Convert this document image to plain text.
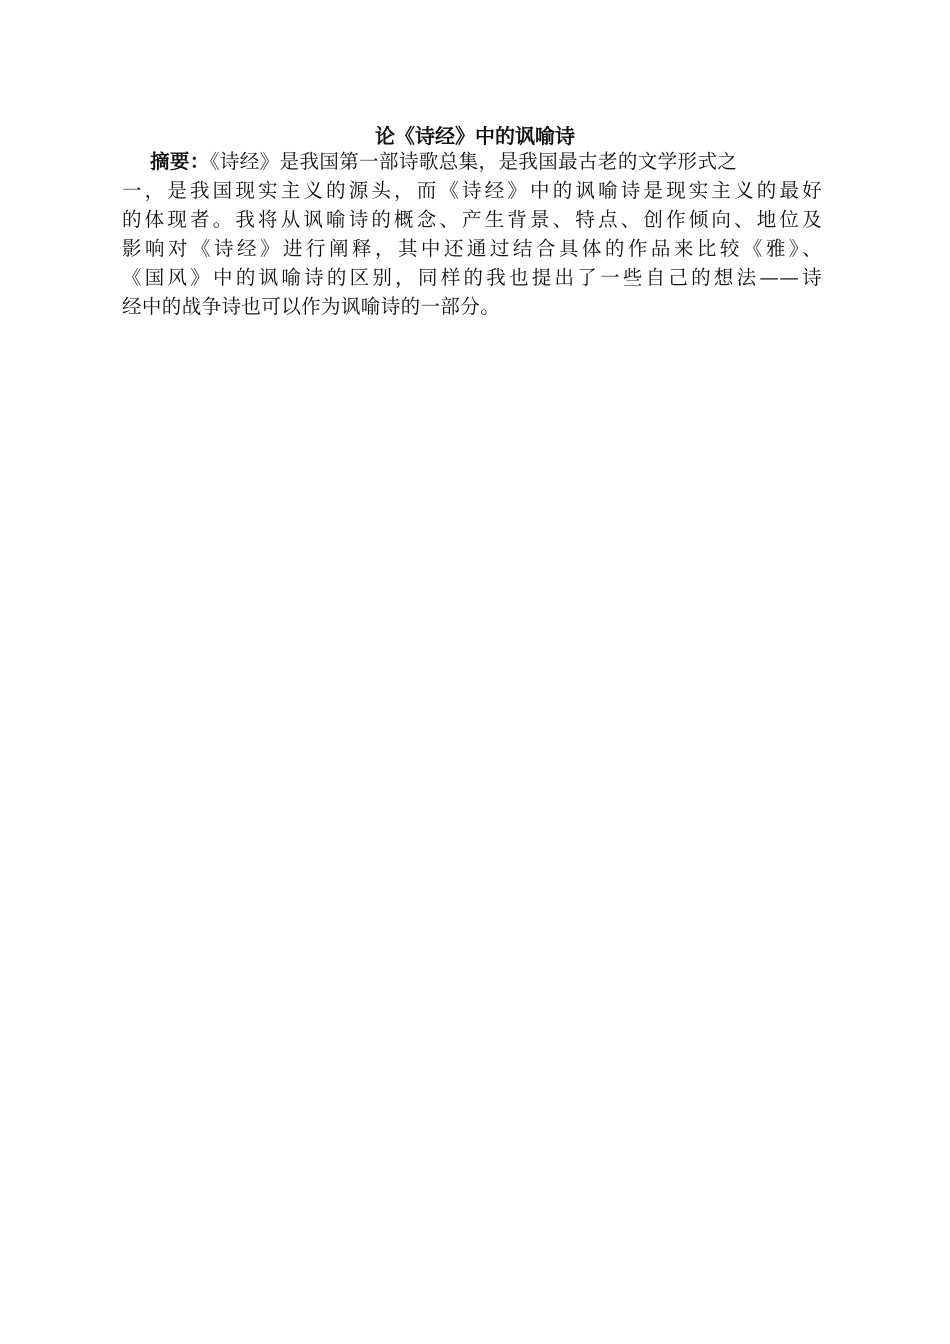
论《诗经》中的讽喻诗
摘要：《诗经》是我国第一部诗歌总集，是我国最古老的文学形式之
一，是我国现实主义的源头，而《诗经》中的讽喻诗是现实主义的最好
的体现者。我将从讽喻诗的概念、产生背景、特点、创作倾向、地位及
影响对《诗经》进行阐释，其中还通过结合具体的作品来比较《雅》、
《国风》中的讽喻诗的区别，同样的我也提出了一些自己的想法——诗
经中的战争诗也可以作为讽喻诗的一部分。
